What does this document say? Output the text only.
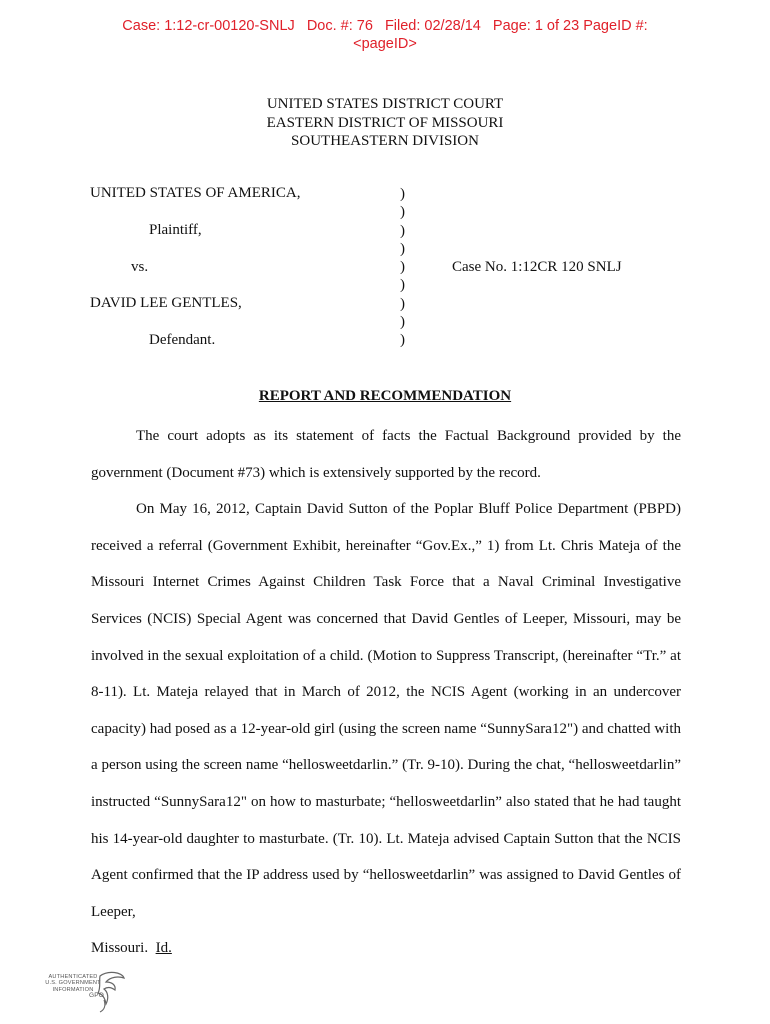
Case: 1:12-cr-00120-SNLJ Doc. #: 76 Filed: 02/28/14 Page: 1 of 23 PageID #:
<pageID>
UNITED STATES DISTRICT COURT
EASTERN DISTRICT OF MISSOURI
SOUTHEASTERN DIVISION
UNITED STATES OF AMERICA,
Plaintiff,
vs.
DAVID LEE GENTLES,
Defendant.
Case No. 1:12CR 120 SNLJ
)
)
)
)
)
)
)
)
)
REPORT AND RECOMMENDATION

The court adopts as its statement of facts the Factual Background provided by the government (Document #73) which is extensively supported by the record.

On May 16, 2012, Captain David Sutton of the Poplar Bluff Police Department (PBPD) received a referral (Government Exhibit, hereinafter “Gov.Ex.,” 1) from Lt. Chris Mateja of the Missouri Internet Crimes Against Children Task Force that a Naval Criminal Investigative Services (NCIS) Special Agent was concerned that David Gentles of Leeper, Missouri, may be involved in the sexual exploitation of a child. (Motion to Suppress Transcript, (hereinafter “Tr.” at 8-11). Lt. Mateja relayed that in March of 2012, the NCIS Agent (working in an undercover capacity) had posed as a 12-year-old girl (using the screen name “SunnySara12") and chatted with a person using the screen name “hellosweetdarlin.” (Tr. 9-10). During the chat, “hellosweetdarlin” instructed “SunnySara12" on how to masturbate; “hellosweetdarlin” also stated that he had taught his 14-year-old daughter to masturbate. (Tr. 10). Lt. Mateja advised Captain Sutton that the NCIS Agent confirmed that the IP address used by “hellosweetdarlin” was assigned to David Gentles of Leeper,

Missouri. Id.
AUTHENTICATED
U.S. GOVERNMENT
INFORMATION
GPO
